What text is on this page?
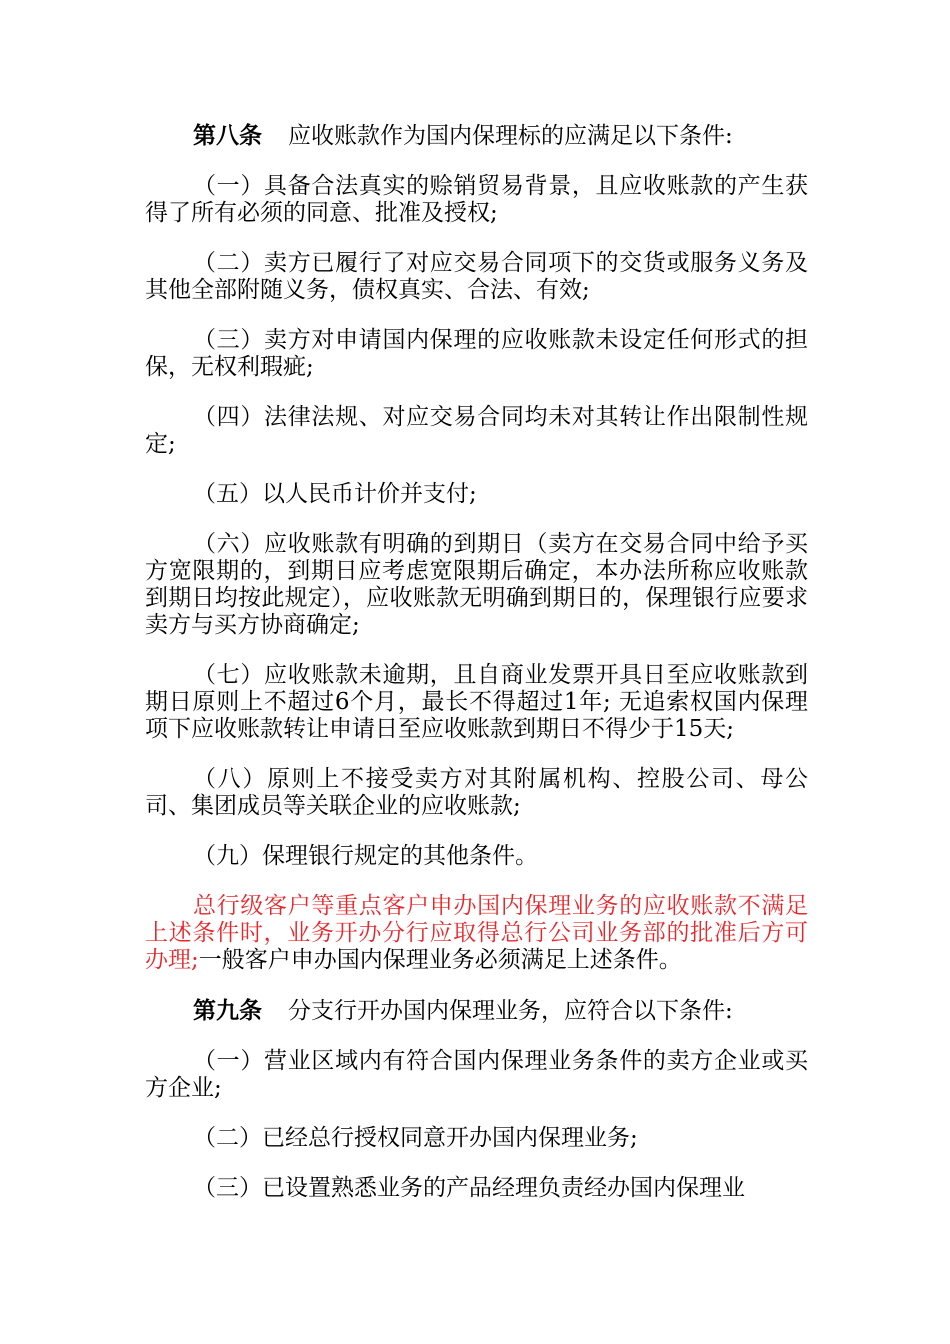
第八条 应收账款作为国内保理标的应满足以下条件:

（一）具备合法真实的赊销贸易背景，且应收账款的产生获得了所有必须的同意、批准及授权;

（二）卖方已履行了对应交易合同项下的交货或服务义务及其他全部附随义务，债权真实、合法、有效;

（三）卖方对申请国内保理的应收账款未设定任何形式的担保，无权利瑕疵;

（四）法律法规、对应交易合同均未对其转让作出限制性规定;

（五）以人民币计价并支付;

（六）应收账款有明确的到期日（卖方在交易合同中给予买方宽限期的，到期日应考虑宽限期后确定，本办法所称应收账款到期日均按此规定），应收账款无明确到期日的，保理银行应要求卖方与买方协商确定;

（七）应收账款未逾期，且自商业发票开具日至应收账款到期日原则上不超过6个月，最长不得超过1年; 无追索权国内保理项下应收账款转让申请日至应收账款到期日不得少于15天;

（八）原则上不接受卖方对其附属机构、控股公司、母公司、集团成员等关联企业的应收账款;

（九）保理银行规定的其他条件。

总行级客户等重点客户申办国内保理业务的应收账款不满足上述条件时，业务开办分行应取得总行公司业务部的批准后方可办理;一般客户申办国内保理业务必须满足上述条件。

第九条 分支行开办国内保理业务，应符合以下条件:

（一）营业区域内有符合国内保理业务条件的卖方企业或买方企业;

（二）已经总行授权同意开办国内保理业务;

（三）已设置熟悉业务的产品经理负责经办国内保理业
